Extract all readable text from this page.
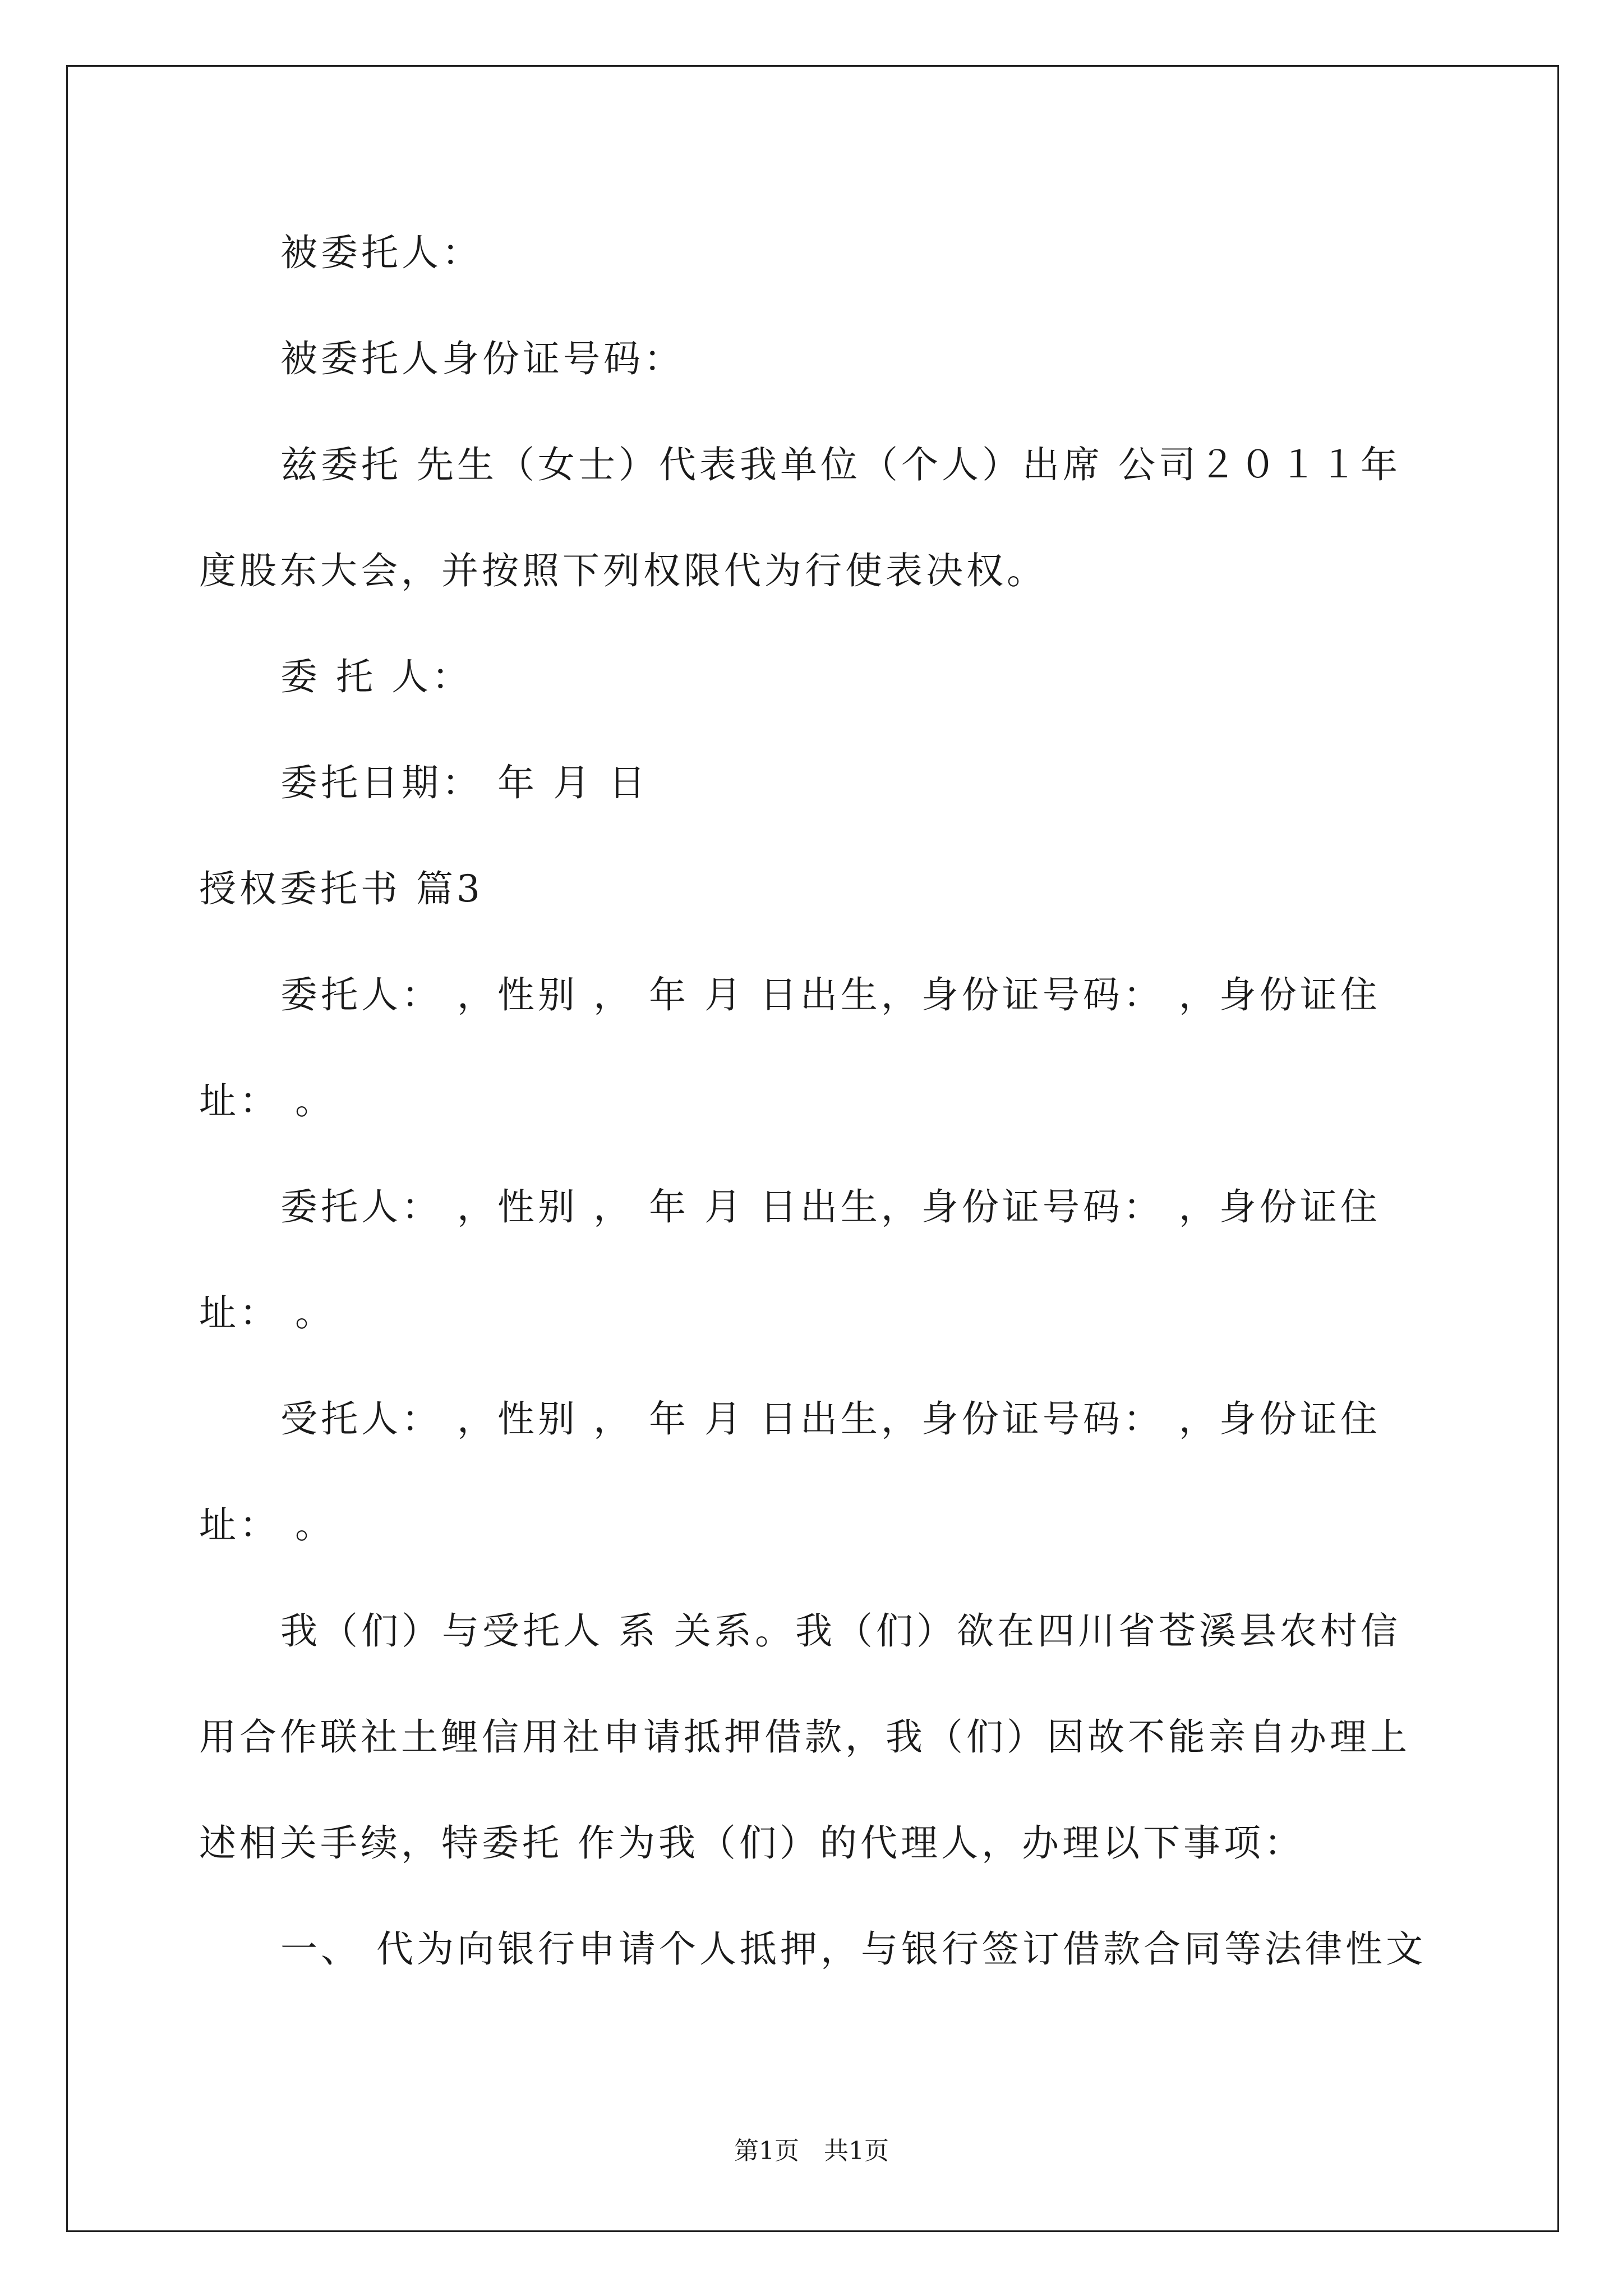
被委托人：
被委托人身份证号码：
兹委托 先生（女士）代表我单位（个人）出席 公司２０１１年
度股东大会，并按照下列权限代为行使表决权。
委 托 人：
委托日期： 年 月 日
授权委托书 篇3
委托人： ，性别 ， 年 月 日出生，身份证号码： ，身份证住
址： 。
委托人： ，性别 ， 年 月 日出生，身份证号码： ，身份证住
址： 。
受托人： ，性别 ， 年 月 日出生，身份证号码： ，身份证住
址： 。
我（们）与受托人 系 关系。我（们）欲在四川省苍溪县农村信
用合作联社土鲤信用社申请抵押借款，我（们）因故不能亲自办理上
述相关手续，特委托 作为我（们）的代理人，办理以下事项：
一、 代为向银行申请个人抵押，与银行签订借款合同等法律性文
第1页　共1页
